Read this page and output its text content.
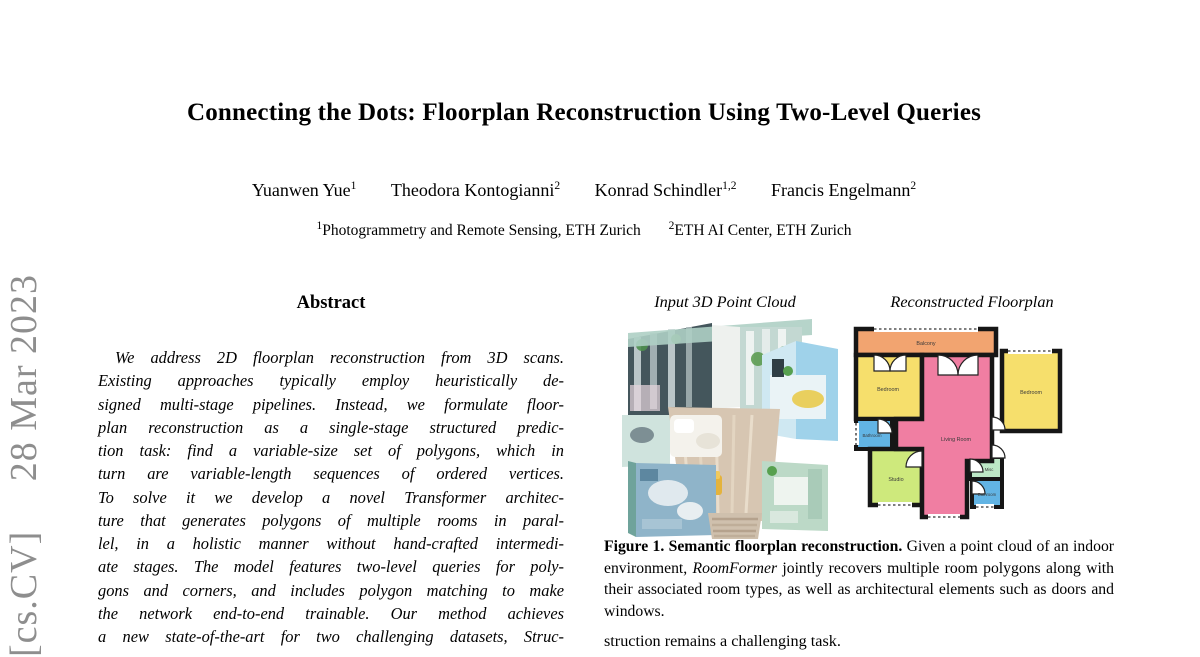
[cs.CV]  28 Mar 2023
Connecting the Dots: Floorplan Reconstruction Using Two-Level Queries
Yuanwen Yue$^1$ Theodora Kontogianni$^2$ Konrad Schindler$^{1,2}$ Francis Engelmann$^2$
$^1$Photogrammetry and Remote Sensing, ETH Zurich $^2$ETH AI Center, ETH Zurich
Abstract
We address 2D floorplan reconstruction from 3D scans.
Existing approaches typically employ heuristically de-
signed multi-stage pipelines. Instead, we formulate floor-
plan reconstruction as a single-stage structured predic-
tion task: find a variable-size set of polygons, which in
turn are variable-length sequences of ordered vertices.
To solve it we develop a novel Transformer architec-
ture that generates polygons of multiple rooms in paral-
lel, in a holistic manner without hand-crafted intermedi-
ate stages. The model features two-level queries for poly-
gons and corners, and includes polygon matching to make
the network end-to-end trainable. Our method achieves
a new state-of-the-art for two challenging datasets, Struc-
Input 3D Point Cloud	Reconstructed Floorplan
Balcony
Bedroom	Bedroom
Bathroom
Living Room
Studio
Misc
Bathroom

Figure 1. Semantic floorplan reconstruction. Given a point cloud of an indoor environment, RoomFormer jointly recovers multiple room polygons along with their associated room types, as well as architectural elements such as doors and windows.

struction remains a challenging task.
